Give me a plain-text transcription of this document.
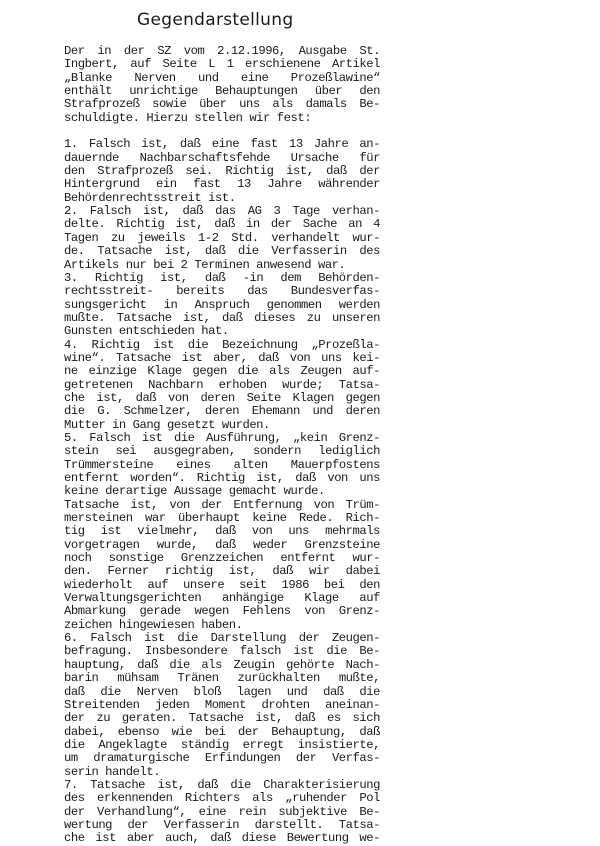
Gegendarstellung
Der in der SZ vom 2.12.1996, Ausgabe St.
Ingbert, auf Seite L 1 erschienene Artikel
„Blanke Nerven und eine Prozeßlawine“
enthält unrichtige Behauptungen über den
Strafprozeß sowie über uns als damals Be-
schuldigte. Hierzu stellen wir fest:
1. Falsch ist, daß eine fast 13 Jahre an-
dauernde Nachbarschaftsfehde Ursache für
den Strafprozeß sei. Richtig ist, daß der
Hintergrund ein fast 13 Jahre währender
Behördenrechtsstreit ist.
2. Falsch ist, daß das AG 3 Tage verhan-
delte. Richtig ist, daß in der Sache an 4
Tagen zu jeweils 1-2 Std. verhandelt wur-
de. Tatsache ist, daß die Verfasserin des
Artikels nur bei 2 Terminen anwesend war.
3. Richtig ist, daß -in dem Behörden-
rechtsstreit- bereits das Bundesverfas-
sungsgericht in Anspruch genommen werden
mußte. Tatsache ist, daß dieses zu unseren
Gunsten entschieden hat.
4. Richtig ist die Bezeichnung „Prozeßla-
wine“. Tatsache ist aber, daß von uns kei-
ne einzige Klage gegen die als Zeugen auf-
getretenen Nachbarn erhoben wurde; Tatsa-
che ist, daß von deren Seite Klagen gegen
die G. Schmelzer, deren Ehemann und deren
Mutter in Gang gesetzt wurden.
5. Falsch ist die Ausführung, „kein Grenz-
stein sei ausgegraben, sondern lediglich
Trümmersteine eines alten Mauerpfostens
entfernt worden“. Richtig ist, daß von uns
keine derartige Aussage gemacht wurde.
Tatsache ist, von der Entfernung von Trüm-
mersteinen war überhaupt keine Rede. Rich-
tig ist vielmehr, daß von uns mehrmals
vorgetragen wurde, daß weder Grenzsteine
noch sonstige Grenzzeichen entfernt wur-
den. Ferner richtig ist, daß wir dabei
wiederholt auf unsere seit 1986 bei den
Verwaltungsgerichten anhängige Klage auf
Abmarkung gerade wegen Fehlens von Grenz-
zeichen hingewiesen haben.
6. Falsch ist die Darstellung der Zeugen-
befragung. Insbesondere falsch ist die Be-
hauptung, daß die als Zeugin gehörte Nach-
barin mühsam Tränen zurückhalten mußte,
daß die Nerven bloß lagen und daß die
Streitenden jeden Moment drohten aneinan-
der zu geraten. Tatsache ist, daß es sich
dabei, ebenso wie bei der Behauptung, daß
die Angeklagte ständig erregt insistierte,
um dramaturgische Erfindungen der Verfas-
serin handelt.
7. Tatsache ist, daß die Charakterisierung
des erkennenden Richters als „ruhender Pol
der Verhandlung“, eine rein subjektive Be-
wertung der Verfasserin darstellt. Tatsa-
che ist aber auch, daß diese Bewertung we-
